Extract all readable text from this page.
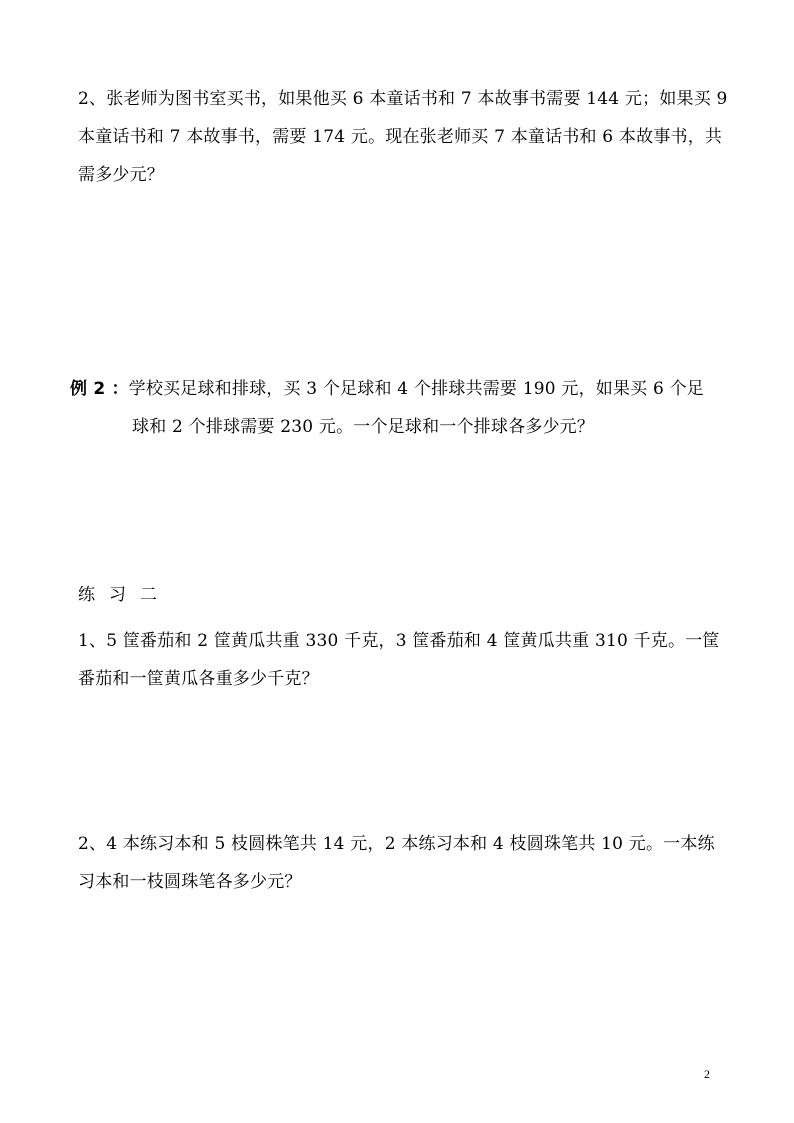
2、张老师为图书室买书，如果他买 6 本童话书和 7 本故事书需要 144 元；如果买 9 本童话书和 7 本故事书，需要 174 元。现在张老师买 7 本童话书和 6 本故事书，共需多少元？
例 2 ：学校买足球和排球，买 3 个足球和 4 个排球共需要 190 元，如果买 6 个足
球和 2 个排球需要 230 元。一个足球和一个排球各多少元？
练习二
1、5 筐番茄和 2 筐黄瓜共重 330 千克，3 筐番茄和 4 筐黄瓜共重 310 千克。一筐番茄和一筐黄瓜各重多少千克？
2、4 本练习本和 5 枝圆株笔共 14 元，2 本练习本和 4 枝圆珠笔共 10 元。一本练习本和一枝圆珠笔各多少元？
2
